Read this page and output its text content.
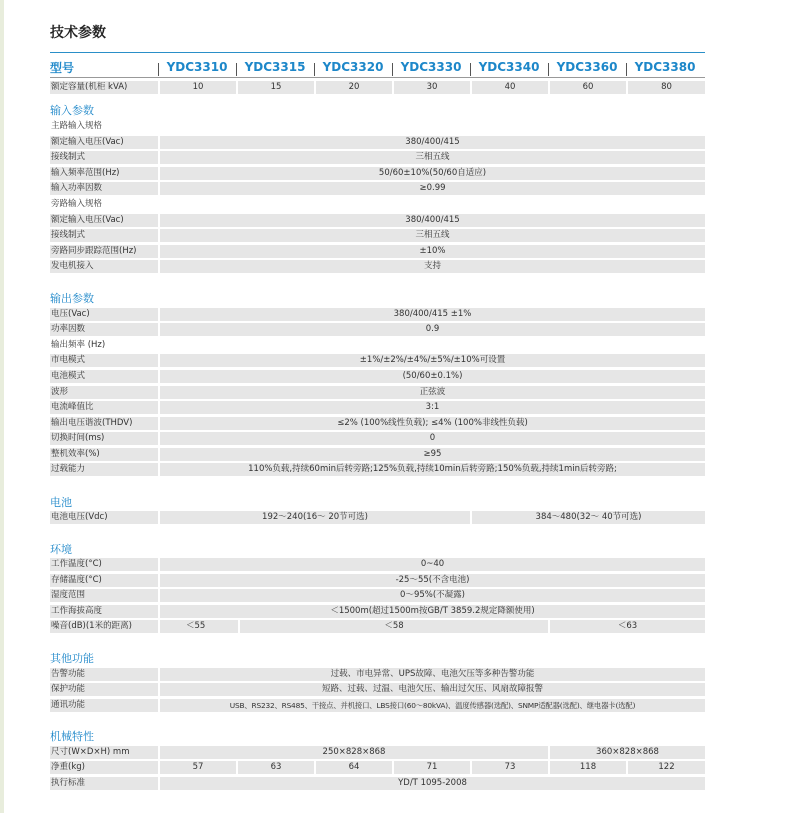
技术参数
型号	YDC3310	YDC3315	YDC3320	YDC3330	YDC3340	YDC3360	YDC3380
额定容量(机柜 kVA)	10	15	20	30	40	60	80
输入参数
主路输入规格
额定输入电压(Vac)	380/400/415
接线制式	三相五线
输入频率范围(Hz)	50/60±10%(50/60自适应)
输入功率因数	≥0.99
旁路输入规格
额定输入电压(Vac)	380/400/415
接线制式	三相五线
旁路同步跟踪范围(Hz)	±10%
发电机接入	支持
输出参数
电压(Vac)	380/400/415 ±1%
功率因数	0.9
输出频率 (Hz)
市电模式	±1%/±2%/±4%/±5%/±10%可设置
电池模式	(50/60±0.1%)
波形	正弦波
电流峰值比	3:1
输出电压谐波(THDV)	≤2% (100%线性负载); ≤4% (100%非线性负载)
切换时间(ms)	0
整机效率(%)	≥95
过载能力	110%负载,持续60min后转旁路;125%负载,持续10min后转旁路;150%负载,持续1min后转旁路;
电池
电池电压(Vdc)	192～240(16～ 20节可选)	384～480(32～ 40节可选)
环境
工作温度(°C)	0~40
存储温度(°C)	-25～55(不含电池)
湿度范围	0～95%(不凝露)
工作海拔高度	＜1500m(超过1500m按GB/T 3859.2规定降额使用)
噪音(dB)(1米的距离)	＜55	＜58	＜63
其他功能
告警功能	过载、市电异常、UPS故障、电池欠压等多种告警功能
保护功能	短路、过载、过温、电池欠压、输出过欠压、风扇故障报警
通讯功能	USB、RS232、RS485、干接点、并机接口、LBS接口(60～80kVA)、温度传感器(选配)、SNMP适配器(选配)、继电器卡(选配)
机械特性
尺寸(W×D×H) mm	250×828×868	360×828×868
净重(kg)	57	63	64	71	73	118	122
执行标准	YD/T 1095-2008
